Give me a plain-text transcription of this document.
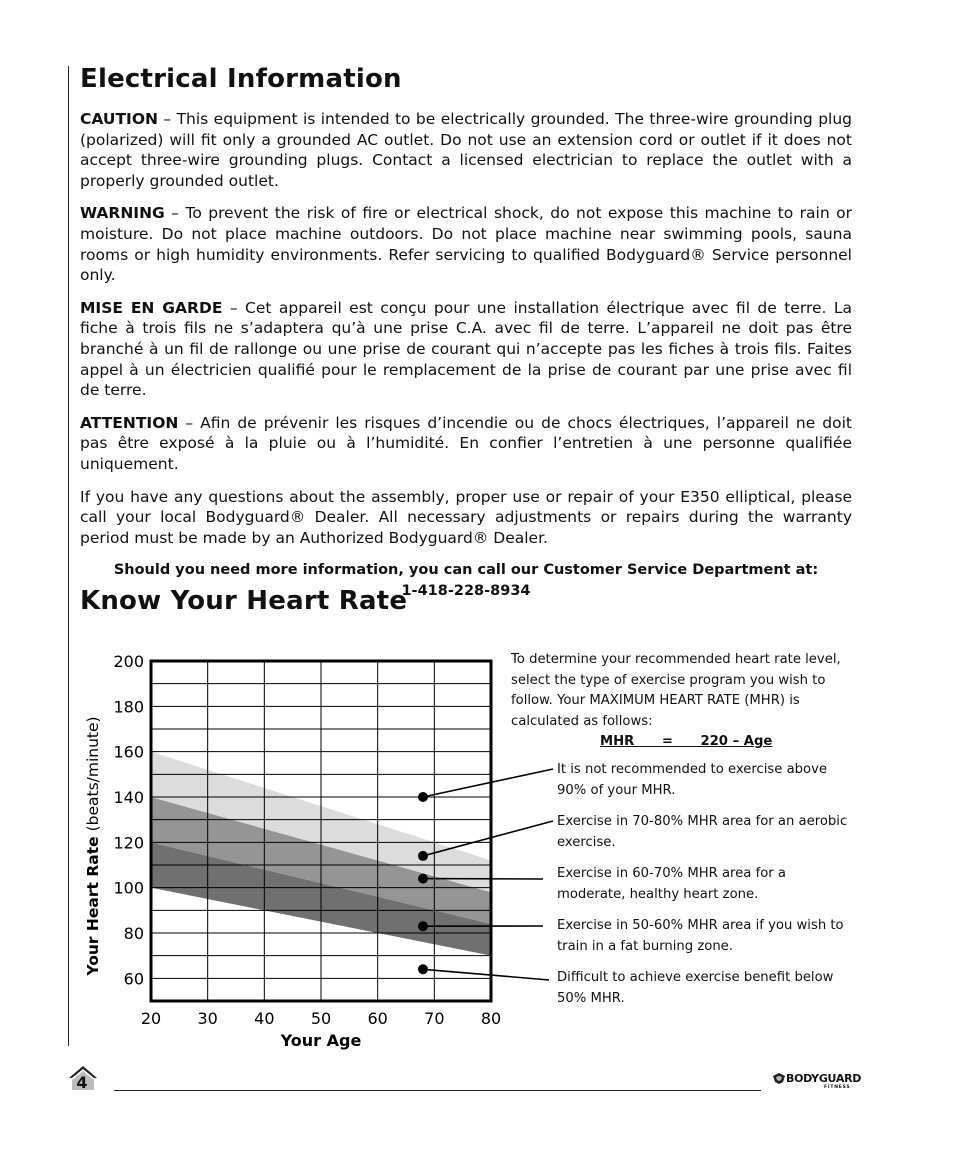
Electrical Information

CAUTION – This equipment is intended to be electrically grounded. The three-wire grounding plug (polarized) will fit only a grounded AC outlet. Do not use an extension cord or outlet if it does not accept three-wire grounding plugs. Contact a licensed electrician to replace the outlet with a properly grounded outlet.

WARNING – To prevent the risk of fire or electrical shock, do not expose this machine to rain or moisture. Do not place machine outdoors. Do not place machine near swimming pools, sauna rooms or high humidity environments. Refer servicing to qualified Bodyguard® Service personnel only.

MISE EN GARDE – Cet appareil est conçu pour une installation électrique avec fil de terre. La fiche à trois fils ne s’adaptera qu’à une prise C.A. avec fil de terre. L’appareil ne doit pas être branché à un fil de rallonge ou une prise de courant qui n’accepte pas les fiches à trois fils. Faites appel à un électricien qualifié pour le remplacement de la prise de courant par une prise avec fil de terre.

ATTENTION – Afin de prévenir les risques d’incendie ou de chocs électriques, l’appareil ne doit pas être exposé à la pluie ou à l’humidité. En confier l’entretien à une personne qualifiée uniquement.

If you have any questions about the assembly, proper use or repair of your E350 elliptical, please call your local Bodyguard® Dealer. All necessary adjustments or repairs during the warranty period must be made by an Authorized Bodyguard® Dealer.

Should you need more information, you can call our Customer Service Department at:
1-418-228-8934

Know Your Heart Rate
60
80
100
120
140
160
180
200
20 30 40 50 60 70 80
Your Age
Your Heart Rate (beats/minute)
To determine your recommended heart rate level, select the type of exercise program you wish to follow. Your MAXIMUM HEART RATE (MHR) is calculated as follows:
MHR      =      220 – Age
It is not recommended to exercise above 90% of your MHR.
Exercise in 70-80% MHR area for an aerobic exercise.
Exercise in 60-70% MHR area for a moderate, healthy heart zone.
Exercise in 50-60% MHR area if you wish to train in a fat burning zone.
Difficult to achieve exercise benefit below 50% MHR.
4	BODYGUARD
FITNESS
